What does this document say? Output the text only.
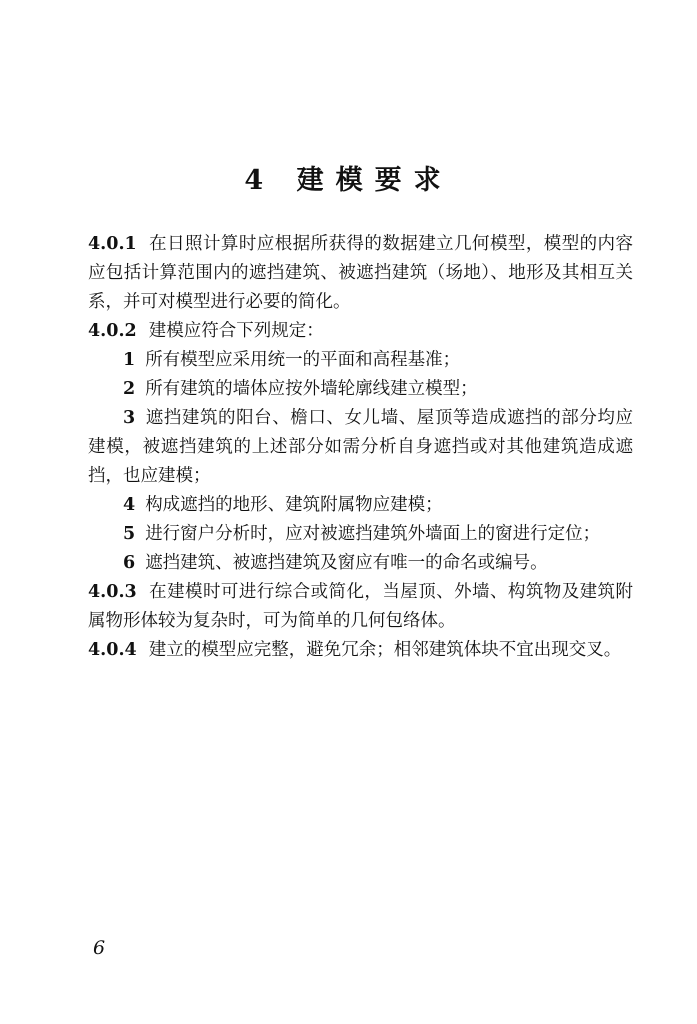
4 建模要求
4.0.1 在日照计算时应根据所获得的数据建立几何模型，模型的内容应包括计算范围内的遮挡建筑、被遮挡建筑（场地）、地形及其相互关系，并可对模型进行必要的简化。
4.0.2 建模应符合下列规定：
1 所有模型应采用统一的平面和高程基准；
2 所有建筑的墙体应按外墙轮廓线建立模型；
3 遮挡建筑的阳台、檐口、女儿墙、屋顶等造成遮挡的部分均应建模，被遮挡建筑的上述部分如需分析自身遮挡或对其他建筑造成遮挡，也应建模；
4 构成遮挡的地形、建筑附属物应建模；
5 进行窗户分析时，应对被遮挡建筑外墙面上的窗进行定位；
6 遮挡建筑、被遮挡建筑及窗应有唯一的命名或编号。
4.0.3 在建模时可进行综合或简化，当屋顶、外墙、构筑物及建筑附属物形体较为复杂时，可为简单的几何包络体。
4.0.4 建立的模型应完整，避免冗余；相邻建筑体块不宜出现交叉。
6
